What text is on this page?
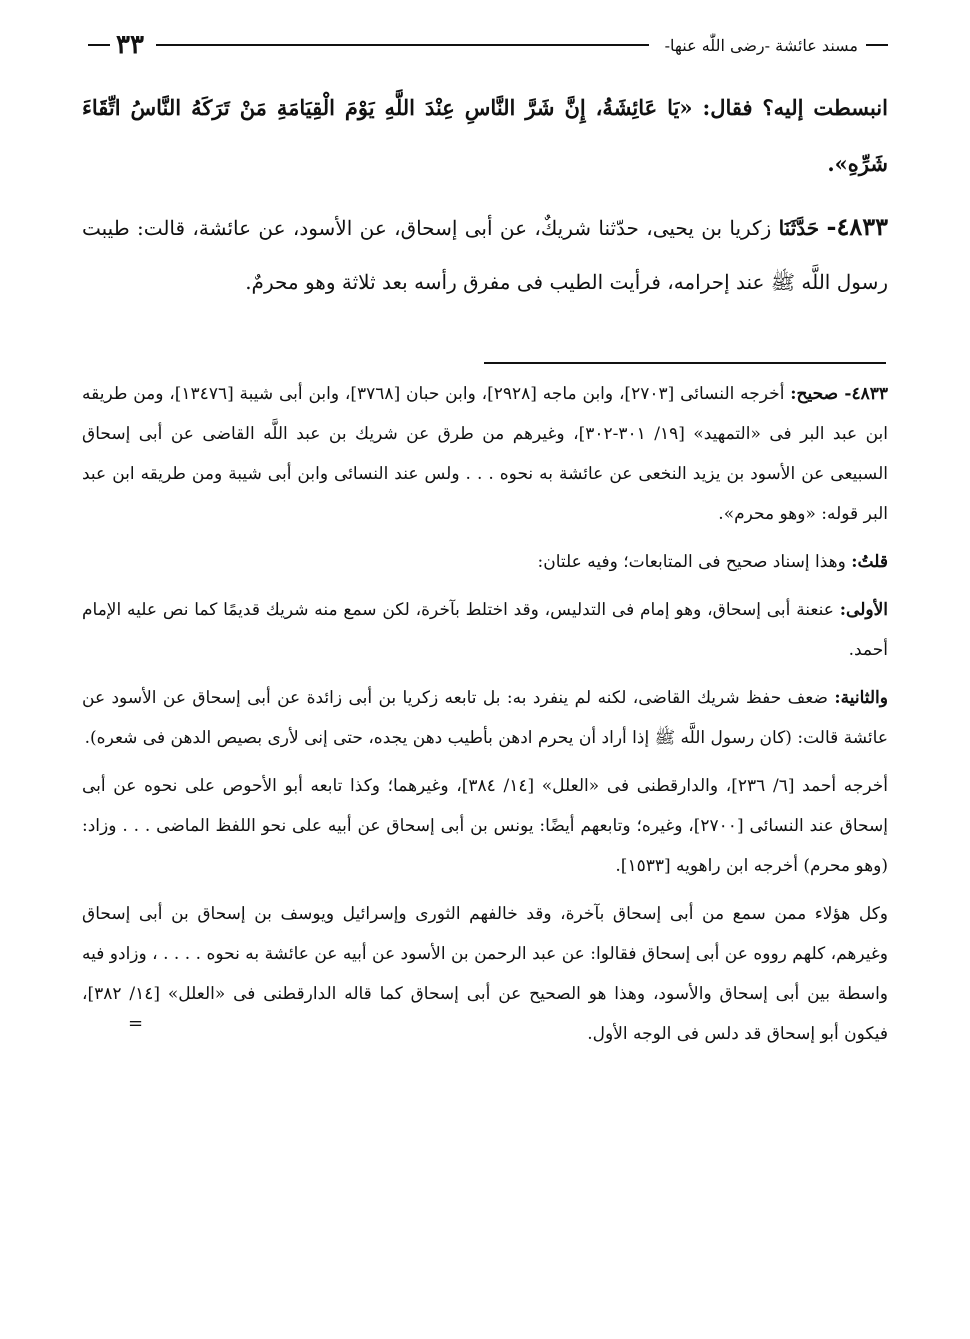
مسند عائشة -رضى اللّٰه عنها-
٣٣
انبسطت إليه؟ فقال: «يَا عَائِشَةُ، إِنَّ شَرَّ النَّاسِ عِنْدَ اللَّهِ يَوْمَ الْقِيَامَةِ مَنْ تَرَكَهُ النَّاسُ اتِّقَاءَ شَرِّهِ».
٤٨٣٣- حَدَّثَنَا زكريا بن يحيى، حدّثنا شريكٌ، عن أبى إسحاق، عن الأسود، عن عائشة، قالت: طيبت رسول اللَّه ﷺ عند إحرامه، فرأيت الطيب فى مفرق رأسه بعد ثلاثة وهو محرمٌ.

٤٨٣٣- صحيح: أخرجه النسائى [٢٧٠٣]، وابن ماجه [٢٩٢٨]، وابن حبان [٣٧٦٨]، وابن أبى شيبة [١٣٤٧٦]، ومن طريقه ابن عبد البر فى «التمهيد» [١٩/ ٣٠١-٣٠٢]، وغيرهم من طرق عن شريك بن عبد اللَّه القاضى عن أبى إسحاق السبيعى عن الأسود بن يزيد النخعى عن عائشة به نحوه . . . ولس عند النسائى وابن أبى شيبة ومن طريقه ابن عبد البر قوله: «وهو محرم».

قلتُ: وهذا إسناد صحيح فى المتابعات؛ وفيه علتان:

الأولى: عنعنة أبى إسحاق، وهو إمام فى التدليس، وقد اختلط بآخرة، لكن سمع منه شريك قديمًا كما نص عليه الإمام أحمد.

والثانية: ضعف حفظ شريك القاضى، لكنه لم ينفرد به: بل تابعه زكريا بن أبى زائدة عن أبى إسحاق عن الأسود عن عائشة قالت: (كان رسول اللَّه ﷺ إذا أراد أن يحرم ادهن بأطيب دهن يجده، حتى إنى لأرى بصيص الدهن فى شعره).

أخرجه أحمد [٦/ ٢٣٦]، والدارقطنى فى «العلل» [١٤/ ٣٨٤]، وغيرهما؛ وكذا تابعه أبو الأحوص على نحوه عن أبى إسحاق عند النسائى [٢٧٠٠]، وغيره؛ وتابعهم أيضًا: يونس بن أبى إسحاق عن أبيه على نحو اللفظ الماضى . . . وزاد: (وهو محرم) أخرجه ابن راهويه [١٥٣٣].

وكل هؤلاء ممن سمع من أبى إسحاق بآخرة، وقد خالفهم الثورى وإسرائيل ويوسف بن إسحاق بن أبى إسحاق وغيرهم، كلهم رووه عن أبى إسحاق فقالوا: عن عبد الرحمن بن الأسود عن أبيه عن عائشة به نحوه . . . . ، وزادو فيه واسطة بين أبى إسحاق والأسود، وهذا هو الصحيح عن أبى إسحاق كما قاله الدارقطنى فى «العلل» [١٤/ ٣٨٢]، فيكون أبو إسحاق قد دلس فى الوجه الأول.

=
